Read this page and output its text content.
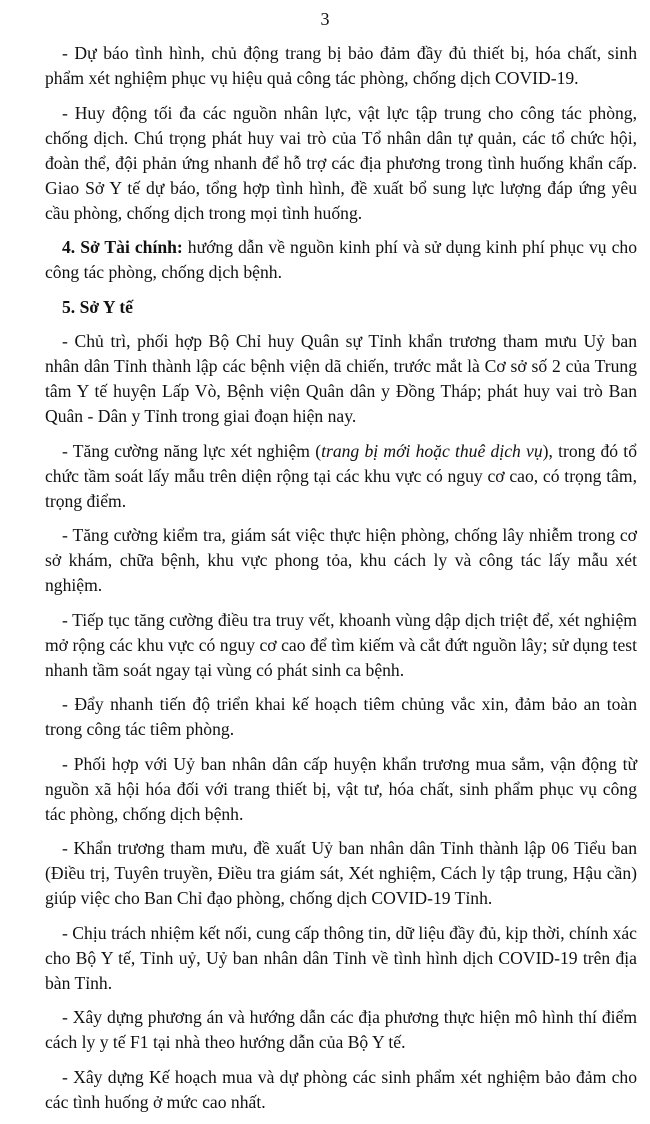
3

- Dự báo tình hình, chủ động trang bị bảo đảm đầy đủ thiết bị, hóa chất, sinh phẩm xét nghiệm phục vụ hiệu quả công tác phòng, chống dịch COVID-19.

- Huy động tối đa các nguồn nhân lực, vật lực tập trung cho công tác phòng, chống dịch. Chú trọng phát huy vai trò của Tổ nhân dân tự quản, các tổ chức hội, đoàn thể, đội phản ứng nhanh để hỗ trợ các địa phương trong tình huống khẩn cấp. Giao Sở Y tế dự báo, tổng hợp tình hình, đề xuất bổ sung lực lượng đáp ứng yêu cầu phòng, chống dịch trong mọi tình huống.

4. Sở Tài chính: hướng dẫn về nguồn kinh phí và sử dụng kinh phí phục vụ cho công tác phòng, chống dịch bệnh.

5. Sở Y tế

- Chủ trì, phối hợp Bộ Chỉ huy Quân sự Tỉnh khẩn trương tham mưu Uỷ ban nhân dân Tỉnh thành lập các bệnh viện dã chiến, trước mắt là Cơ sở số 2 của Trung tâm Y tế huyện Lấp Vò, Bệnh viện Quân dân y Đồng Tháp; phát huy vai trò Ban Quân - Dân y Tỉnh trong giai đoạn hiện nay.

- Tăng cường năng lực xét nghiệm (trang bị mới hoặc thuê dịch vụ), trong đó tổ chức tầm soát lấy mẫu trên diện rộng tại các khu vực có nguy cơ cao, có trọng tâm, trọng điểm.

- Tăng cường kiểm tra, giám sát việc thực hiện phòng, chống lây nhiễm trong cơ sở khám, chữa bệnh, khu vực phong tỏa, khu cách ly và công tác lấy mẫu xét nghiệm.

- Tiếp tục tăng cường điều tra truy vết, khoanh vùng dập dịch triệt để, xét nghiệm mở rộng các khu vực có nguy cơ cao để tìm kiếm và cắt đứt nguồn lây; sử dụng test nhanh tầm soát ngay tại vùng có phát sinh ca bệnh.

- Đẩy nhanh tiến độ triển khai kế hoạch tiêm chủng vắc xin, đảm bảo an toàn trong công tác tiêm phòng.

- Phối hợp với Uỷ ban nhân dân cấp huyện khẩn trương mua sắm, vận động từ nguồn xã hội hóa đối với trang thiết bị, vật tư, hóa chất, sinh phẩm phục vụ công tác phòng, chống dịch bệnh.

- Khẩn trương tham mưu, đề xuất Uỷ ban nhân dân Tỉnh thành lập 06 Tiểu ban (Điều trị, Tuyên truyền, Điều tra giám sát, Xét nghiệm, Cách ly tập trung, Hậu cần) giúp việc cho Ban Chỉ đạo phòng, chống dịch COVID-19 Tỉnh.

- Chịu trách nhiệm kết nối, cung cấp thông tin, dữ liệu đầy đủ, kịp thời, chính xác cho Bộ Y tế, Tỉnh uỷ, Uỷ ban nhân dân Tỉnh về tình hình dịch COVID-19 trên địa bàn Tỉnh.

- Xây dựng phương án và hướng dẫn các địa phương thực hiện mô hình thí điểm cách ly y tế F1 tại nhà theo hướng dẫn của Bộ Y tế.

- Xây dựng Kế hoạch mua và dự phòng các sinh phẩm xét nghiệm bảo đảm cho các tình huống ở mức cao nhất.
